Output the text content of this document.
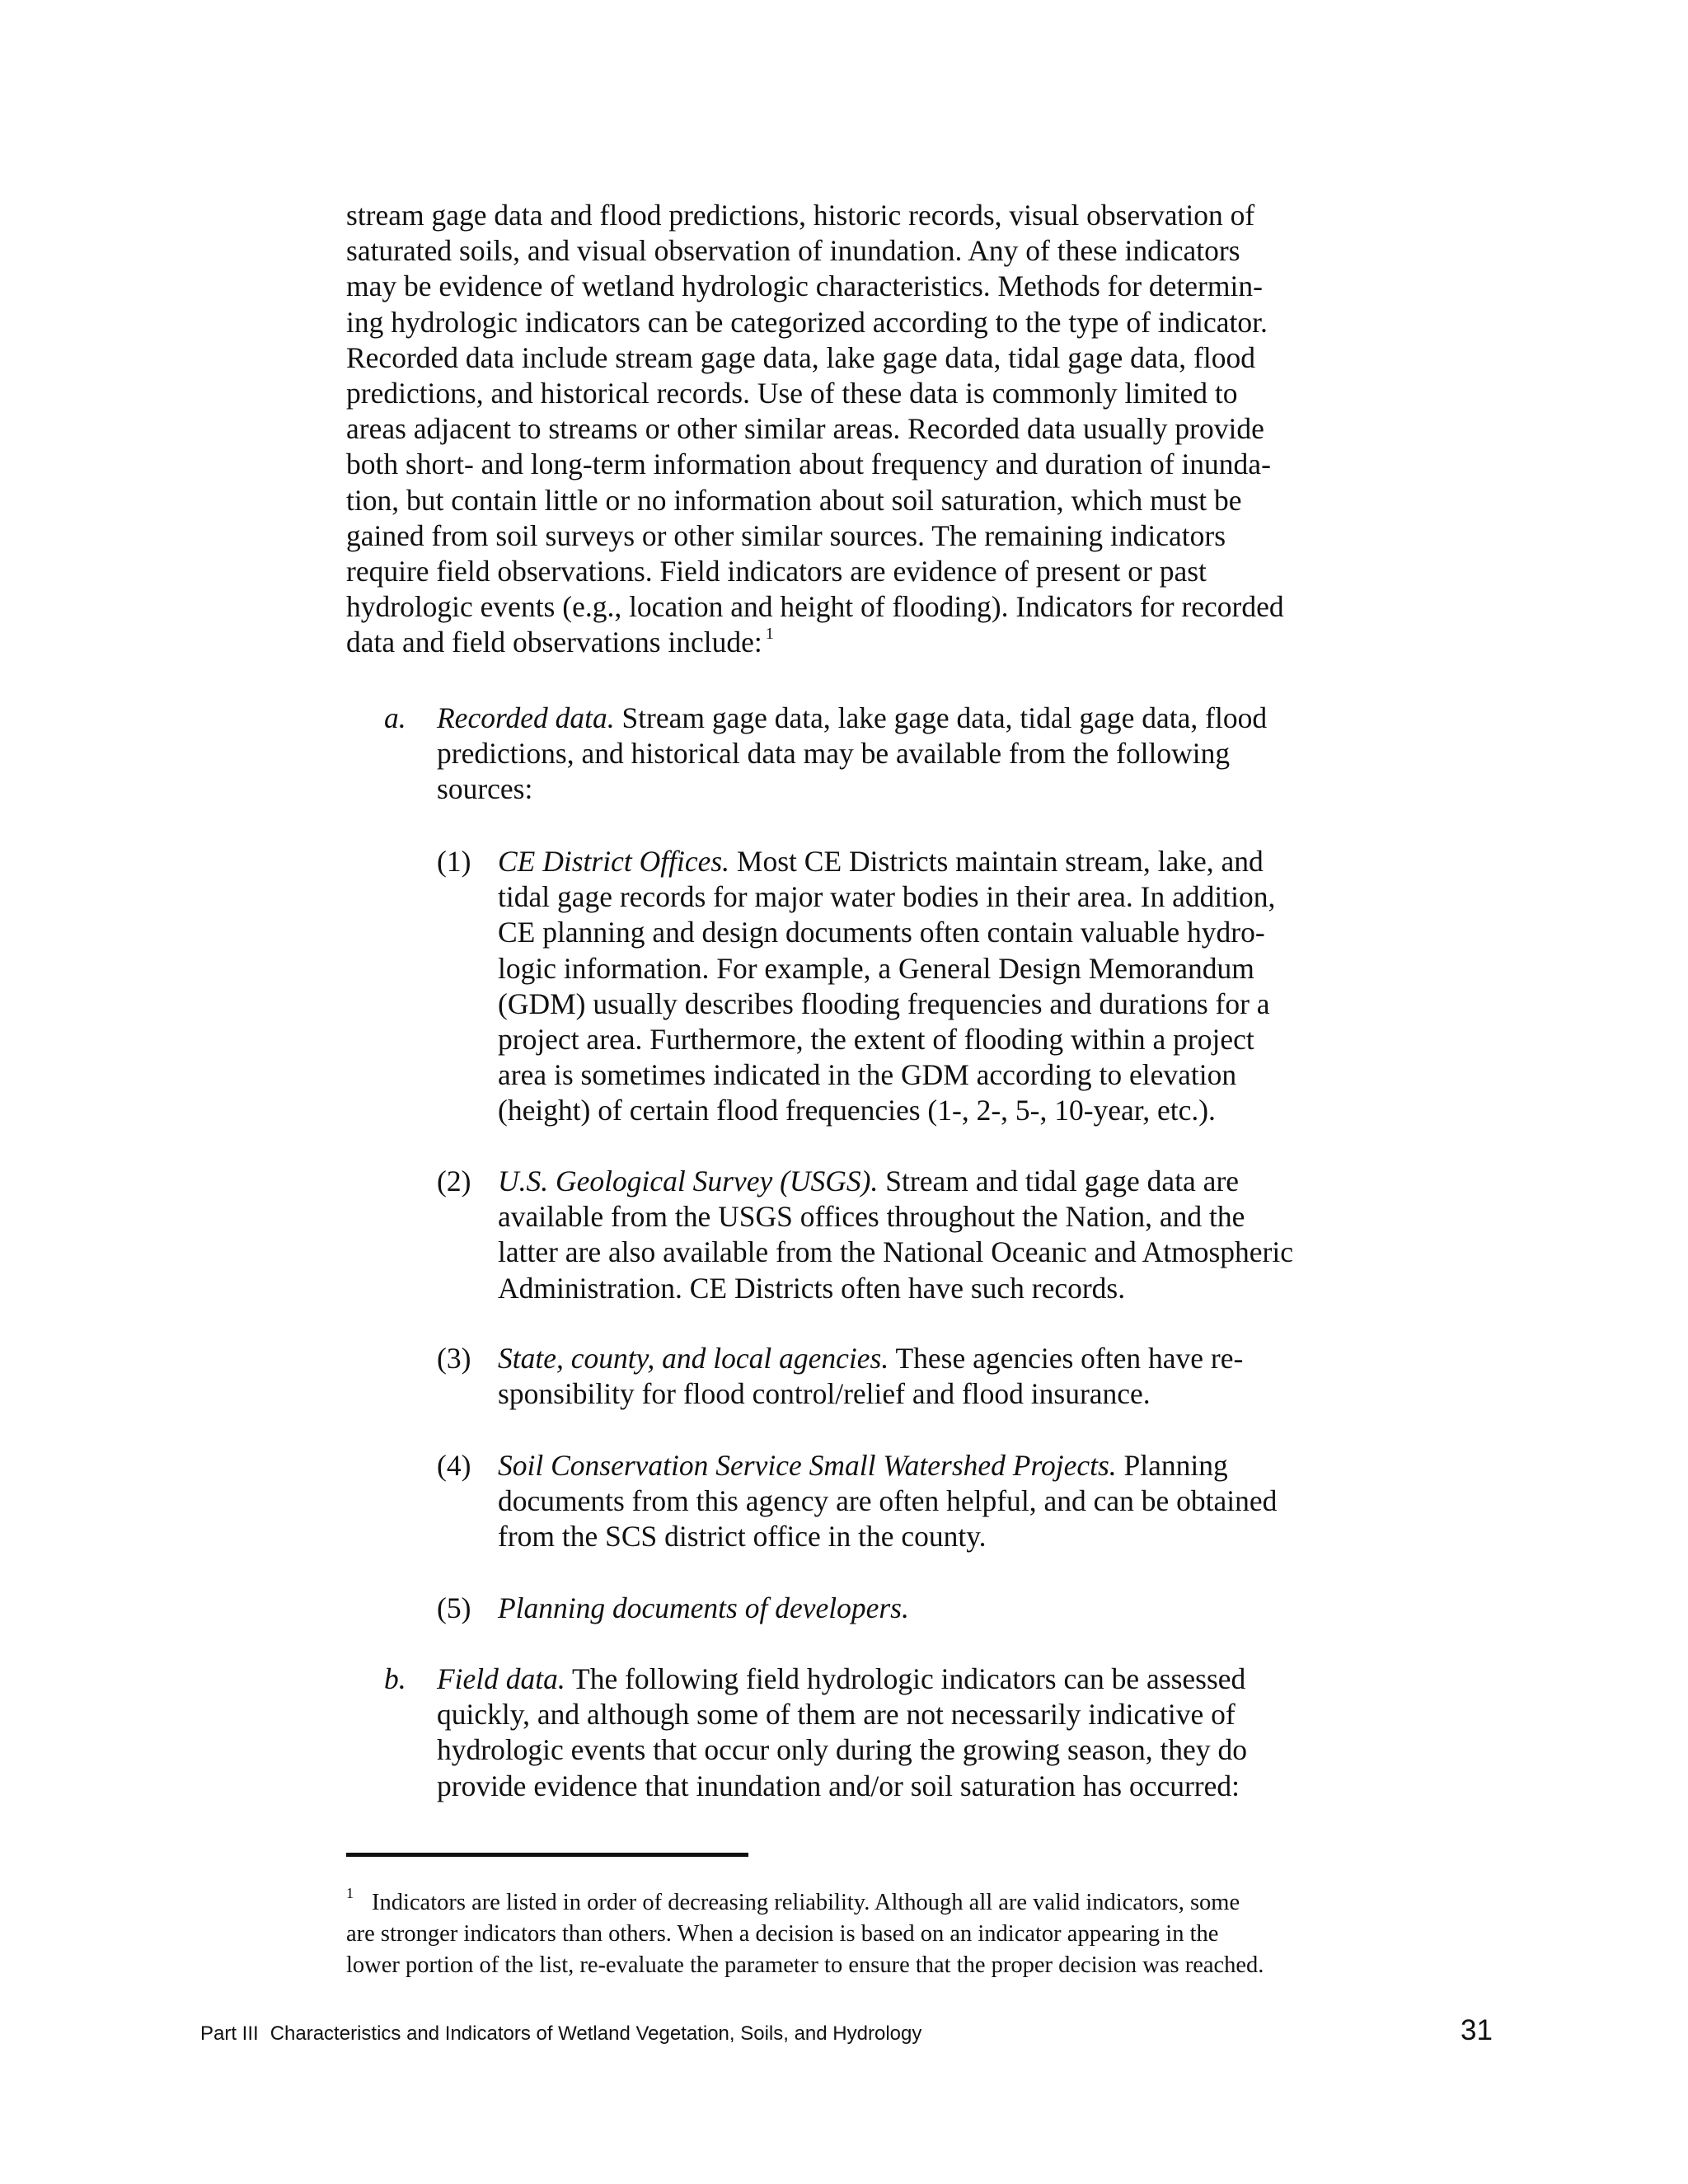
stream gage data and flood predictions, historic records, visual observation of
saturated soils, and visual observation of inundation. Any of these indicators
may be evidence of wetland hydrologic characteristics. Methods for determin-
ing hydrologic indicators can be categorized according to the type of indicator.
Recorded data include stream gage data, lake gage data, tidal gage data, flood
predictions, and historical records. Use of these data is commonly limited to
areas adjacent to streams or other similar areas. Recorded data usually provide
both short- and long-term information about frequency and duration of inunda-
tion, but contain little or no information about soil saturation, which must be
gained from soil surveys or other similar sources. The remaining indicators
require field observations. Field indicators are evidence of present or past
hydrologic events (e.g., location and height of flooding). Indicators for recorded
data and field observations include: $^1$
a. Recorded data. Stream gage data, lake gage data, tidal gage data, flood
predictions, and historical data may be available from the following
sources:
(1) CE District Offices. Most CE Districts maintain stream, lake, and
tidal gage records for major water bodies in their area. In addition,
CE planning and design documents often contain valuable hydro-
logic information. For example, a General Design Memorandum
(GDM) usually describes flooding frequencies and durations for a
project area. Furthermore, the extent of flooding within a project
area is sometimes indicated in the GDM according to elevation
(height) of certain flood frequencies (1-, 2-, 5-, 10-year, etc.).
(2) U.S. Geological Survey (USGS). Stream and tidal gage data are
available from the USGS offices throughout the Nation, and the
latter are also available from the National Oceanic and Atmospheric
Administration. CE Districts often have such records.
(3) State, county, and local agencies. These agencies often have re-
sponsibility for flood control/relief and flood insurance.
(4) Soil Conservation Service Small Watershed Projects. Planning
documents from this agency are often helpful, and can be obtained
from the SCS district office in the county.
(5) Planning documents of developers.
b. Field data. The following field hydrologic indicators can be assessed
quickly, and although some of them are not necessarily indicative of
hydrologic events that occur only during the growing season, they do
provide evidence that inundation and/or soil saturation has occurred:
$^1$ Indicators are listed in order of decreasing reliability. Although all are valid indicators, some
are stronger indicators than others. When a decision is based on an indicator appearing in the
lower portion of the list, re-evaluate the parameter to ensure that the proper decision was reached.
Part III Characteristics and Indicators of Wetland Vegetation, Soils, and Hydrology	31
